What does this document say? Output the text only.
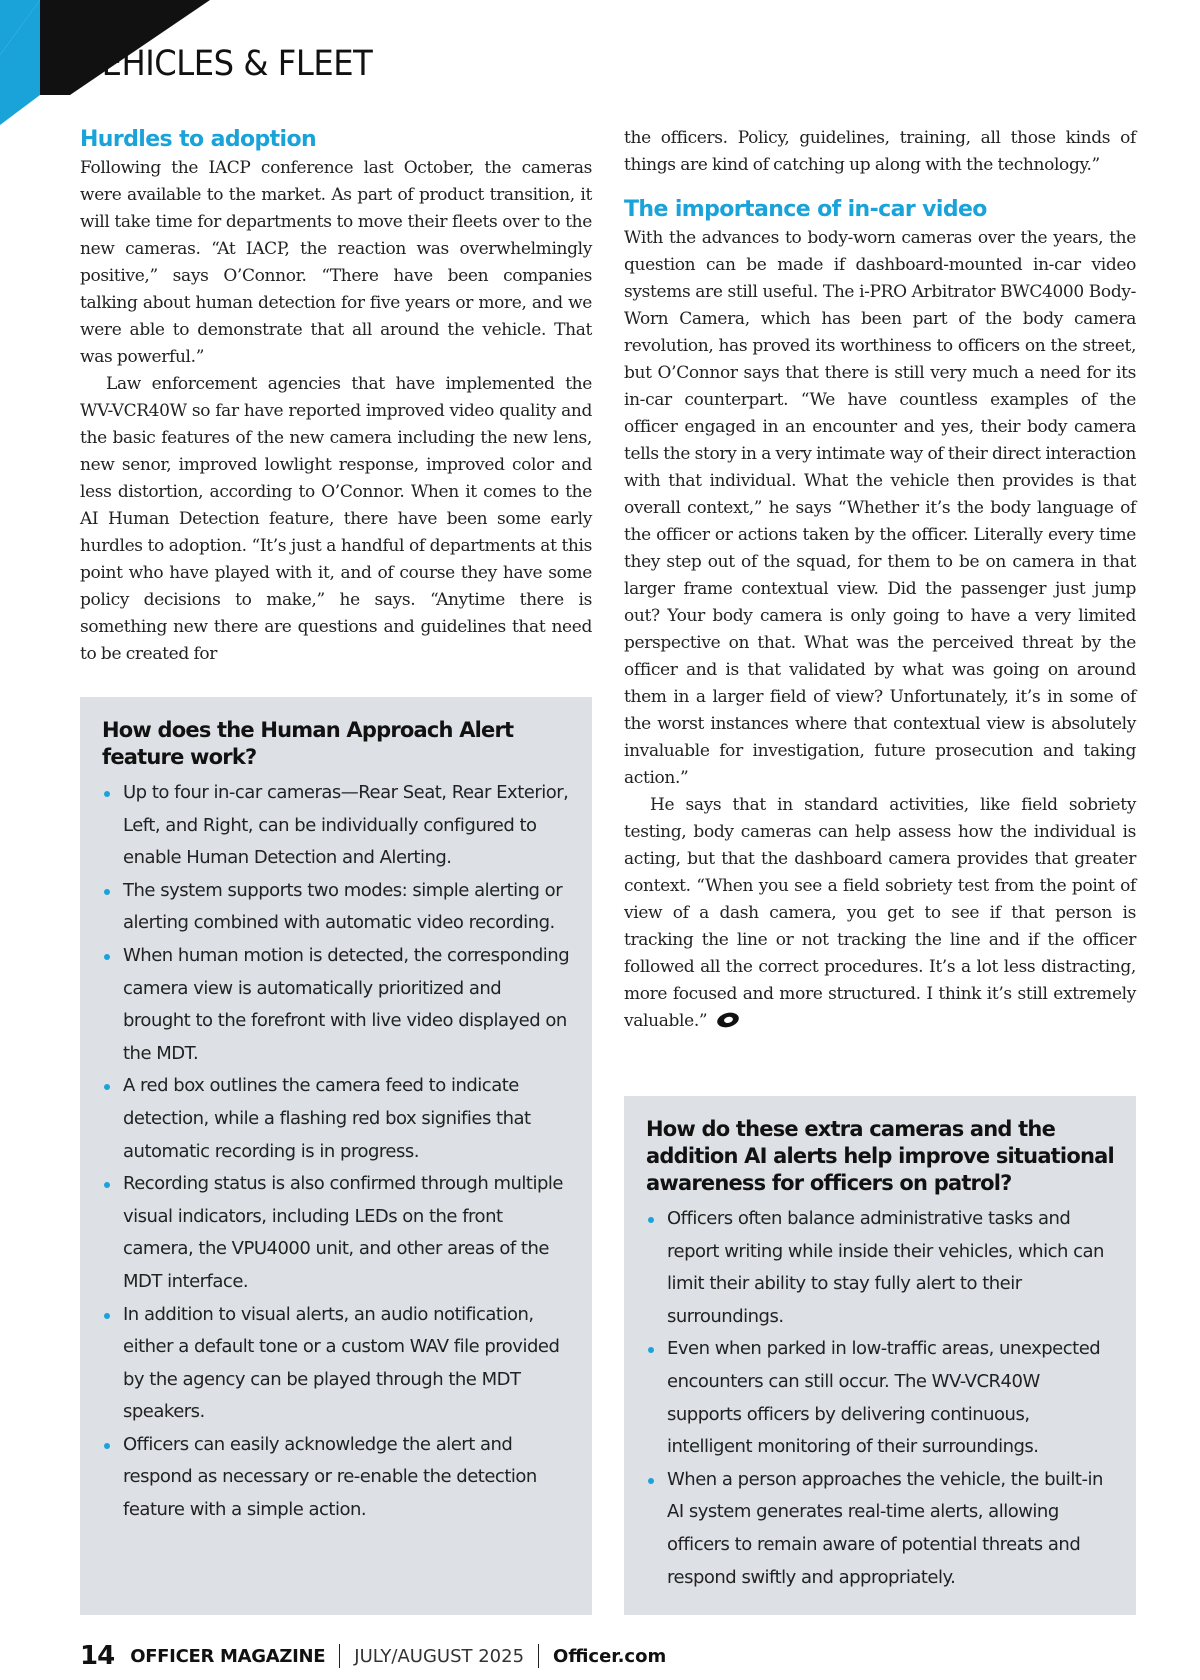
VEHICLES & FLEET
Hurdles to adoption

Following the IACP conference last October, the cameras were available to the market. As part of product transition, it will take time for departments to move their fleets over to the new cameras. “At IACP, the reaction was overwhelmingly positive,” says O’Connor. “There have been companies talking about human detection for five years or more, and we were able to demonstrate that all around the vehicle. That was powerful.”

Law enforcement agencies that have implemented the WV-VCR40W so far have reported improved video quality and the basic features of the new camera including the new lens, new senor, improved lowlight response, improved color and less distortion, according to O’Connor. When it comes to the AI Human Detection feature, there have been some early hurdles to adoption. “It’s just a handful of departments at this point who have played with it, and of course they have some policy decisions to make,” he says. “Anytime there is something new there are questions and guidelines that need to be created for

the officers. Policy, guidelines, training, all those kinds of things are kind of catching up along with the technology.”

The importance of in-car video

With the advances to body-worn cameras over the years, the question can be made if dashboard-mounted in-car video systems are still useful. The i-PRO Arbitrator BWC4000 Body-Worn Camera, which has been part of the body camera revolution, has proved its worthiness to officers on the street, but O’Connor says that there is still very much a need for its in-car counterpart. “We have countless examples of the officer engaged in an encounter and yes, their body camera tells the story in a very intimate way of their direct interaction with that individual. What the vehicle then provides is that overall context,” he says “Whether it’s the body language of the officer or actions taken by the officer. Literally every time they step out of the squad, for them to be on camera in that larger frame contextual view. Did the passenger just jump out? Your body camera is only going to have a very limited perspective on that. What was the perceived threat by the officer and is that validated by what was going on around them in a larger field of view? Unfortunately, it’s in some of the worst instances where that contextual view is absolutely invaluable for investigation, future prosecution and taking action.”

He says that in standard activities, like field sobriety testing, body cameras can help assess how the individual is acting, but that the dashboard camera provides that greater context. “When you see a field sobriety test from the point of view of a dash camera, you get to see if that person is tracking the line or not tracking the line and if the officer followed all the correct procedures. It’s a lot less distracting, more focused and more structured. I think it’s still extremely valuable.”

How does the Human Approach Alert feature work?
Up to four in-car cameras—Rear Seat, Rear Exterior, Left, and Right, can be individually configured to enable Human Detection and Alerting.
The system supports two modes: simple alerting or alerting combined with automatic video recording.
When human motion is detected, the corresponding camera view is automatically prioritized and brought to the forefront with live video displayed on the MDT.
A red box outlines the camera feed to indicate detection, while a flashing red box signifies that automatic recording is in progress.
Recording status is also confirmed through multiple visual indicators, including LEDs on the front camera, the VPU4000 unit, and other areas of the MDT interface.
In addition to visual alerts, an audio notification, either a default tone or a custom WAV file provided by the agency can be played through the MDT speakers.
Officers can easily acknowledge the alert and respond as necessary or re-enable the detection feature with a simple action.
How do these extra cameras and the addition AI alerts help improve situational awareness for officers on patrol?
Officers often balance administrative tasks and report writing while inside their vehicles, which can limit their ability to stay fully alert to their surroundings.
Even when parked in low-traffic areas, unexpected encounters can still occur. The WV-VCR40W supports officers by delivering continuous, intelligent monitoring of their surroundings.
When a person approaches the vehicle, the built-in AI system generates real-time alerts, allowing officers to remain aware of potential threats and respond swiftly and appropriately.
14 OFFICER MAGAZINE JULY/AUGUST 2025 Officer.com
